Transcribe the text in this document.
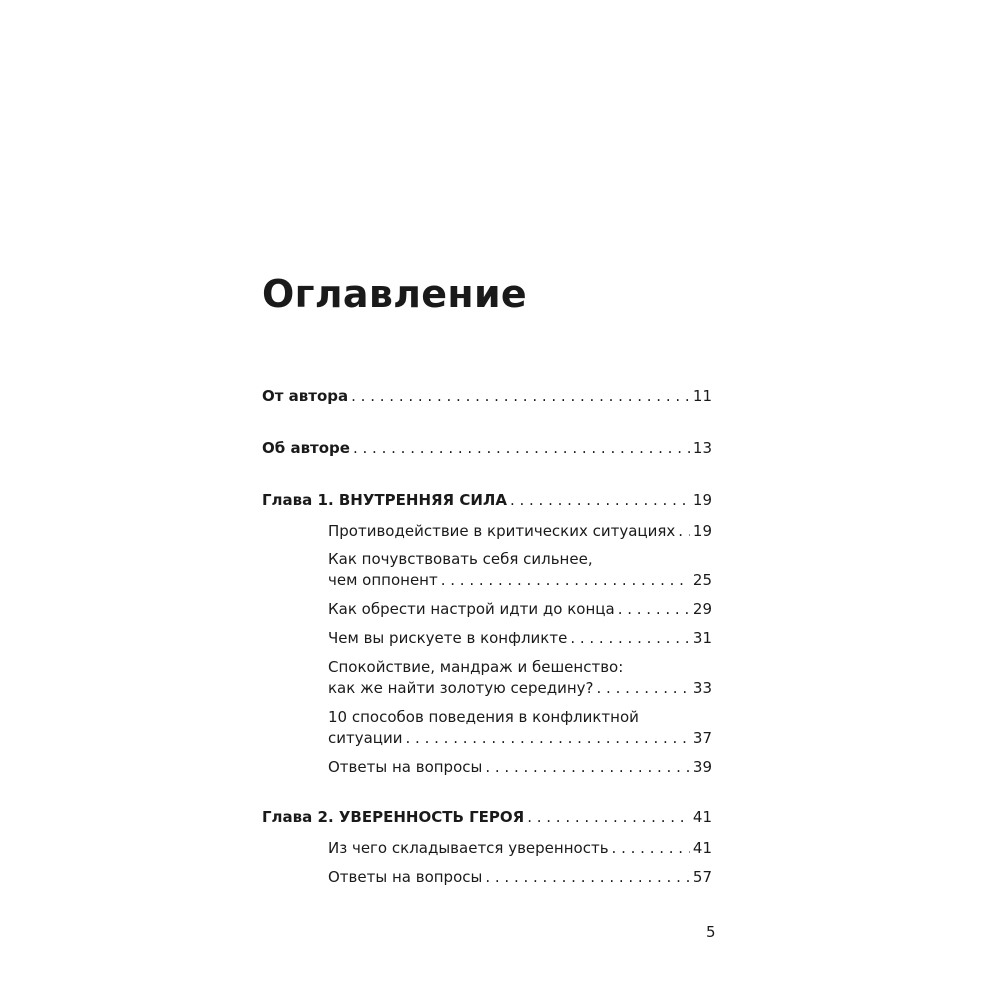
Оглавление
От автора . . .	11
Об авторе . . .	13
Глава 1. ВНУТРЕННЯЯ СИЛА . . .	19
Противодействие в критических ситуациях . . . 19
Как почувствовать себя сильнее,
чем оппонент . . .	25
Как обрести настрой идти до конца . . .	29
Чем вы рискуете в конфликте . . .	31
Спокойствие, мандраж и бешенство:
как же найти золотую середину? . . .	33
10 способов поведения в конфликтной
ситуации . . .	37
Ответы на вопросы . . .	39
Глава 2. УВЕРЕННОСТЬ ГЕРОЯ . . .	41
Из чего складывается уверенность . . .	41
Ответы на вопросы . . .	57
5
